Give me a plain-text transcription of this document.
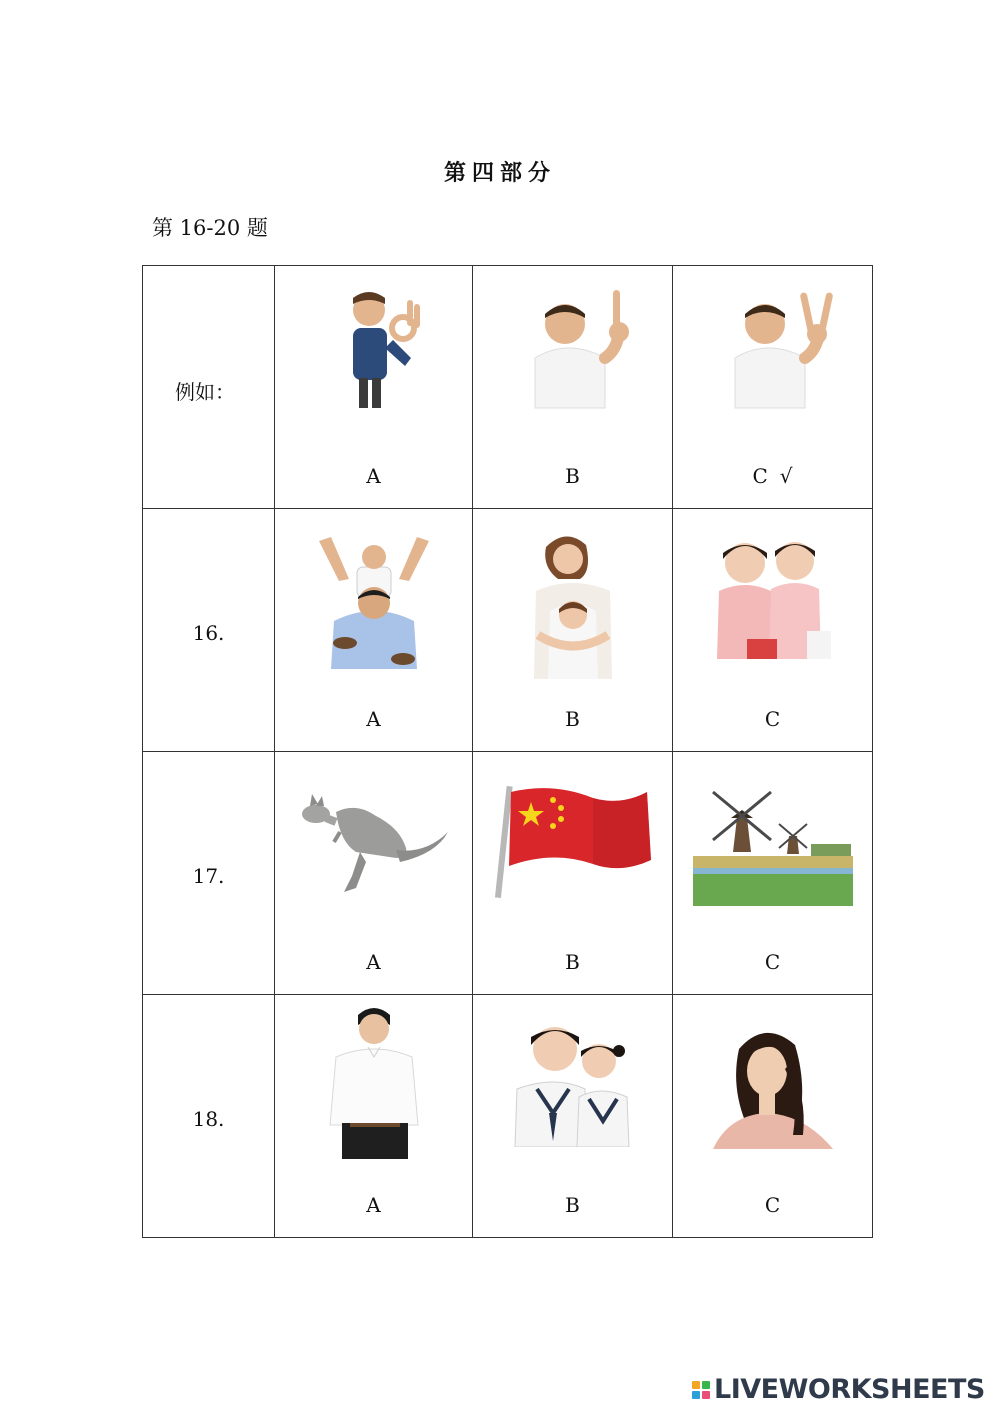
第四部分
第 16-20 题
例如：	A	B	C √

16.	A	B	C

17.	A	B	C

18.	A	B	C
LIVEWORKSHEETS
